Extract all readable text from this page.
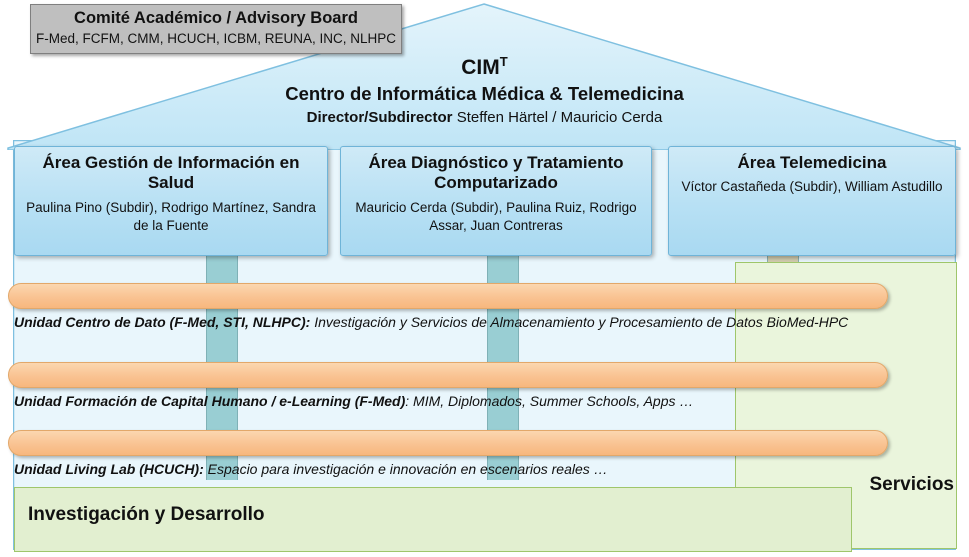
Comité Académico / Advisory Board
F-Med, FCFM, CMM, HCUCH, ICBM, REUNA, INC, NLHPC
$CIM^T$
Centro de Informática Médica & Telemedicina
Director/Subdirector Steffen Härtel / Mauricio Cerda
Área Gestión de Información en Salud
Paulina Pino (Subdir), Rodrigo Martínez, Sandra de la Fuente
Área Diagnóstico y Tratamiento Computarizado
Mauricio Cerda (Subdir), Paulina Ruiz, Rodrigo Assar, Juan Contreras
Área Telemedicina
Víctor Castañeda (Subdir), William Astudillo
Unidad Centro de Dato (F-Med, STI, NLHPC): Investigación y Servicios de Almacenamiento y Procesamiento de Datos BioMed-HPC
Unidad Formación de Capital Humano / e-Learning (F-Med): MIM, Diplomados, Summer Schools, Apps …
Unidad Living Lab (HCUCH): Espacio para investigación e innovación en escenarios reales …
Servicios
Investigación y Desarrollo
